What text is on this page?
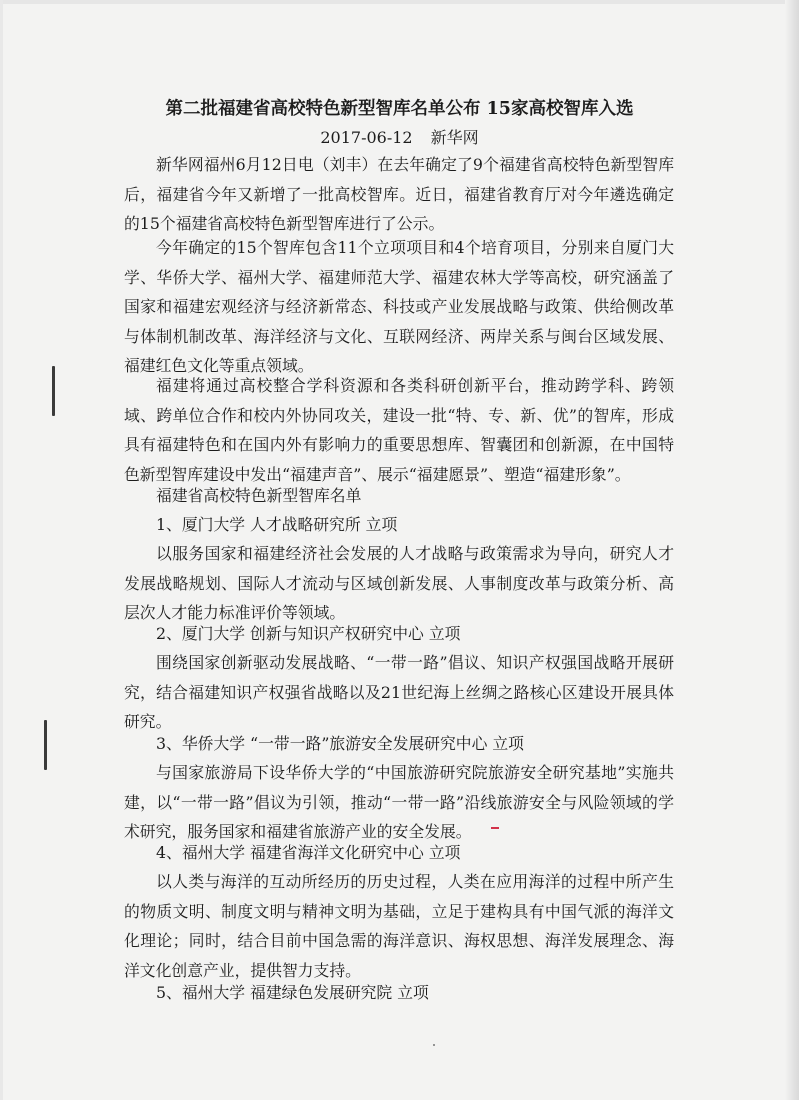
第二批福建省高校特色新型智库名单公布 15家高校智库入选
2017-06-12 新华网
新华网福州6月12日电（刘丰）在去年确定了9个福建省高校特色新型智库后，福建省今年又新增了一批高校智库。近日，福建省教育厅对今年遴选确定的15个福建省高校特色新型智库进行了公示。
今年确定的15个智库包含11个立项项目和4个培育项目，分别来自厦门大学、华侨大学、福州大学、福建师范大学、福建农林大学等高校，研究涵盖了国家和福建宏观经济与经济新常态、科技或产业发展战略与政策、供给侧改革与体制机制改革、海洋经济与文化、互联网经济、两岸关系与闽台区域发展、福建红色文化等重点领域。
福建将通过高校整合学科资源和各类科研创新平台，推动跨学科、跨领域、跨单位合作和校内外协同攻关，建设一批“特、专、新、优”的智库，形成具有福建特色和在国内外有影响力的重要思想库、智囊团和创新源，在中国特色新型智库建设中发出“福建声音”、展示“福建愿景”、塑造“福建形象”。
福建省高校特色新型智库名单
1、厦门大学 人才战略研究所 立项
以服务国家和福建经济社会发展的人才战略与政策需求为导向，研究人才发展战略规划、国际人才流动与区域创新发展、人事制度改革与政策分析、高层次人才能力标准评价等领域。
2、厦门大学 创新与知识产权研究中心 立项
围绕国家创新驱动发展战略、“一带一路”倡议、知识产权强国战略开展研究，结合福建知识产权强省战略以及21世纪海上丝绸之路核心区建设开展具体研究。
3、华侨大学 “一带一路”旅游安全发展研究中心 立项
与国家旅游局下设华侨大学的“中国旅游研究院旅游安全研究基地”实施共建，以“一带一路”倡议为引领，推动“一带一路”沿线旅游安全与风险领域的学术研究，服务国家和福建省旅游产业的安全发展。
4、福州大学 福建省海洋文化研究中心 立项
以人类与海洋的互动所经历的历史过程，人类在应用海洋的过程中所产生的物质文明、制度文明与精神文明为基础，立足于建构具有中国气派的海洋文化理论；同时，结合目前中国急需的海洋意识、海权思想、海洋发展理念、海洋文化创意产业，提供智力支持。
5、福州大学 福建绿色发展研究院 立项
